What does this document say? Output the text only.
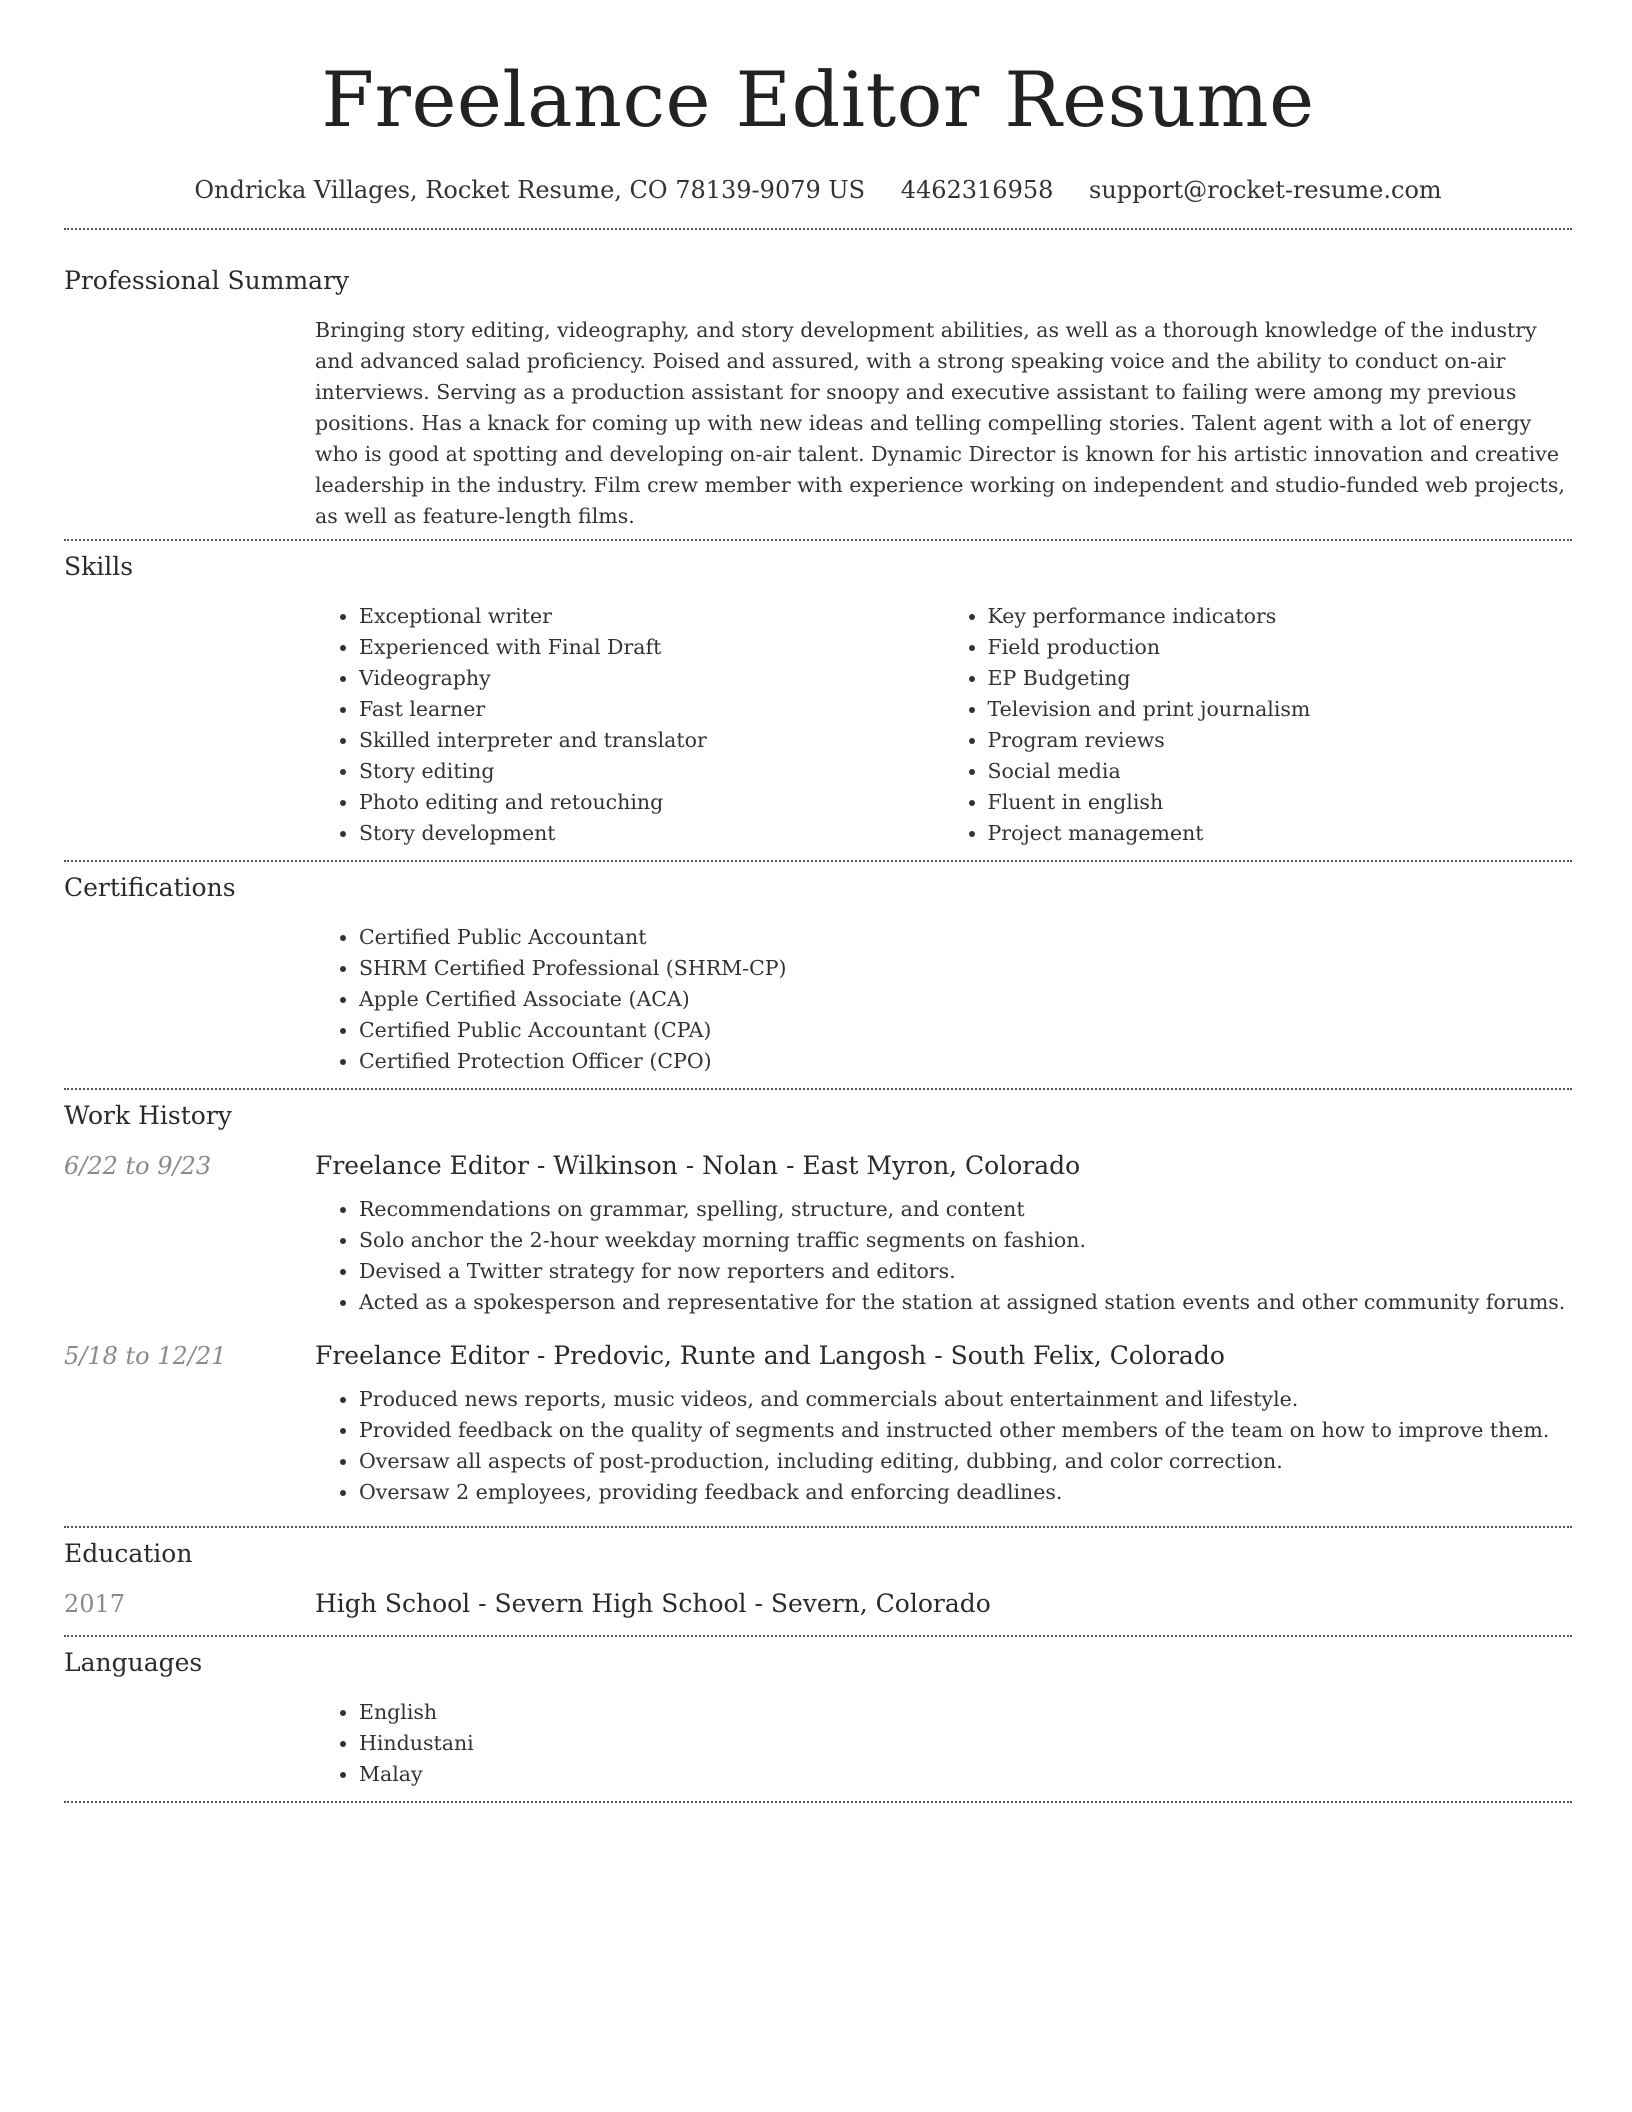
Freelance Editor Resume
Ondricka Villages, Rocket Resume, CO 78139-9079 US 4462316958 support@rocket-resume.com
Professional Summary

Bringing story editing, videography, and story development abilities, as well as a thorough knowledge of the industry and advanced salad proficiency. Poised and assured, with a strong speaking voice and the ability to conduct on-air interviews. Serving as a production assistant for snoopy and executive assistant to failing were among my previous positions. Has a knack for coming up with new ideas and telling compelling stories. Talent agent with a lot of energy who is good at spotting and developing on-air talent. Dynamic Director is known for his artistic innovation and creative leadership in the industry. Film crew member with experience working on independent and studio-funded web projects, as well as feature-length films.

Skills
• Exceptional writer
• Experienced with Final Draft
• Videography
• Fast learner
• Skilled interpreter and translator
• Story editing
• Photo editing and retouching
• Story development
• Key performance indicators
• Field production
• EP Budgeting
• Television and print journalism
• Program reviews
• Social media
• Fluent in english
• Project management
Certifications
• Certified Public Accountant
• SHRM Certified Professional (SHRM-CP)
• Apple Certified Associate (ACA)
• Certified Public Accountant (CPA)
• Certified Protection Officer (CPO)
Work History
6/22 to 9/23	Freelance Editor - Wilkinson - Nolan - East Myron, Colorado
• Recommendations on grammar, spelling, structure, and content
• Solo anchor the 2-hour weekday morning traffic segments on fashion.
• Devised a Twitter strategy for now reporters and editors.
• Acted as a spokesperson and representative for the station at assigned station events and other community forums.
5/18 to 12/21	Freelance Editor - Predovic, Runte and Langosh - South Felix, Colorado
• Produced news reports, music videos, and commercials about entertainment and lifestyle.
• Provided feedback on the quality of segments and instructed other members of the team on how to improve them.
• Oversaw all aspects of post-production, including editing, dubbing, and color correction.
• Oversaw 2 employees, providing feedback and enforcing deadlines.
Education
2017	High School - Severn High School - Severn, Colorado
Languages
• English
• Hindustani
• Malay
